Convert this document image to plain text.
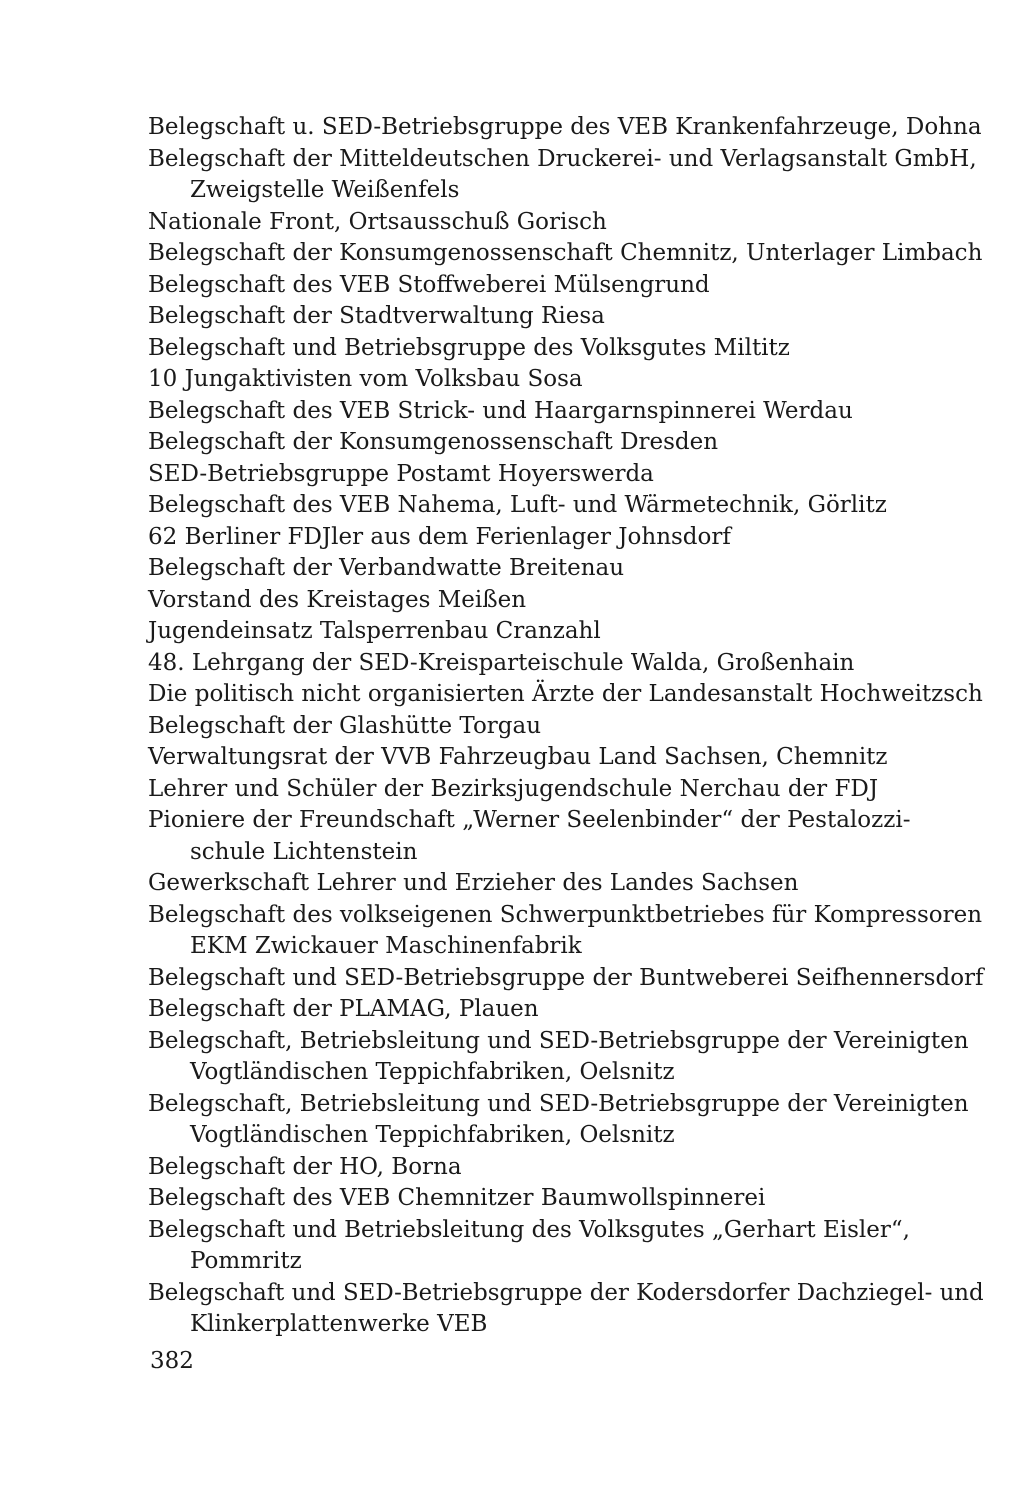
Belegschaft u. SED-Betriebsgruppe des VEB Krankenfahrzeuge, Dohna
Belegschaft der Mitteldeutschen Druckerei- und Verlagsanstalt GmbH,
Zweigstelle Weißenfels
Nationale Front, Ortsausschuß Gorisch
Belegschaft der Konsumgenossenschaft Chemnitz, Unterlager Limbach
Belegschaft des VEB Stoffweberei Mülsengrund
Belegschaft der Stadtverwaltung Riesa
Belegschaft und Betriebsgruppe des Volksgutes Miltitz
10 Jungaktivisten vom Volksbau Sosa
Belegschaft des VEB Strick- und Haargarnspinnerei Werdau
Belegschaft der Konsumgenossenschaft Dresden
SED-Betriebsgruppe Postamt Hoyerswerda
Belegschaft des VEB Nahema, Luft- und Wärmetechnik, Görlitz
62 Berliner FDJler aus dem Ferienlager Johnsdorf
Belegschaft der Verbandwatte Breitenau
Vorstand des Kreistages Meißen
Jugendeinsatz Talsperrenbau Cranzahl
48. Lehrgang der SED-Kreisparteischule Walda, Großenhain
Die politisch nicht organisierten Ärzte der Landesanstalt Hochweitzsch
Belegschaft der Glashütte Torgau
Verwaltungsrat der VVB Fahrzeugbau Land Sachsen, Chemnitz
Lehrer und Schüler der Bezirksjugendschule Nerchau der FDJ
Pioniere der Freundschaft „Werner Seelenbinder“ der Pestalozzi-
schule Lichtenstein
Gewerkschaft Lehrer und Erzieher des Landes Sachsen
Belegschaft des volkseigenen Schwerpunktbetriebes für Kompressoren
EKM Zwickauer Maschinenfabrik
Belegschaft und SED-Betriebsgruppe der Buntweberei Seifhennersdorf
Belegschaft der PLAMAG, Plauen
Belegschaft, Betriebsleitung und SED-Betriebsgruppe der Vereinigten
Vogtländischen Teppichfabriken, Oelsnitz
Belegschaft, Betriebsleitung und SED-Betriebsgruppe der Vereinigten
Vogtländischen Teppichfabriken, Oelsnitz
Belegschaft der HO, Borna
Belegschaft des VEB Chemnitzer Baumwollspinnerei
Belegschaft und Betriebsleitung des Volksgutes „Gerhart Eisler“,
Pommritz
Belegschaft und SED-Betriebsgruppe der Kodersdorfer Dachziegel- und
Klinkerplattenwerke VEB
382
